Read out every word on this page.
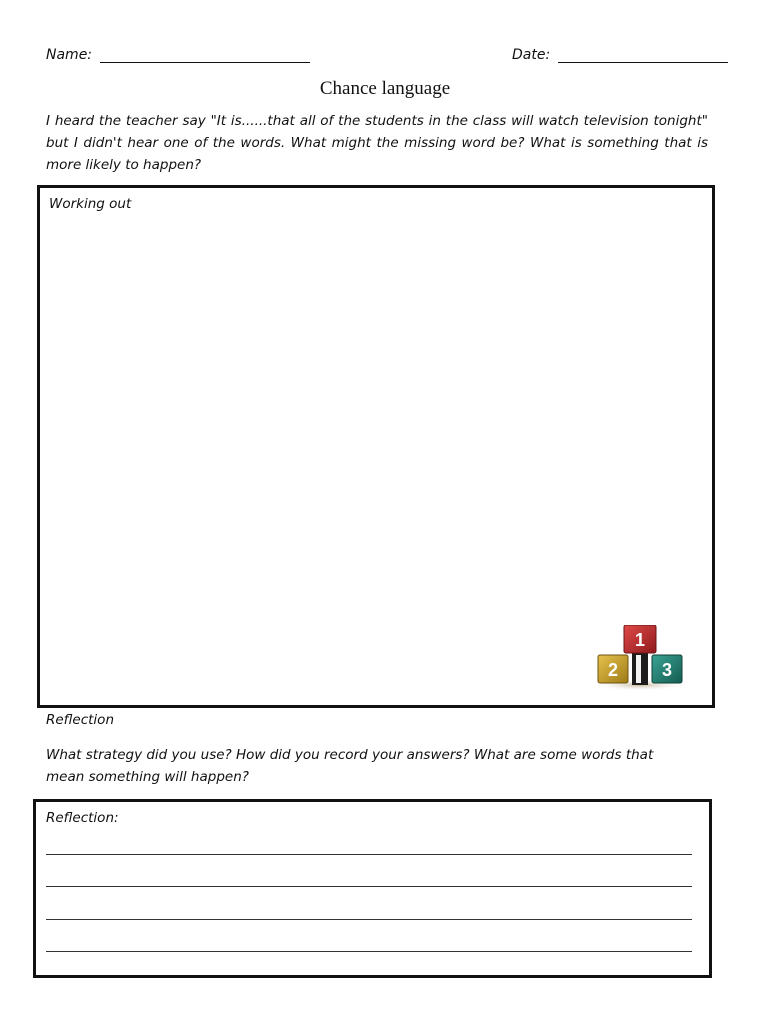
Name:	Date:
Chance language
I heard the teacher say "It is......that all of the students in the class will watch television tonight" but I didn't hear one of the words. What might the missing word be? What is something that is more likely to happen?
Working out
1
2 3
Reflection
What strategy did you use? How did you record your answers? What are some words that mean something will happen?
Reflection:
